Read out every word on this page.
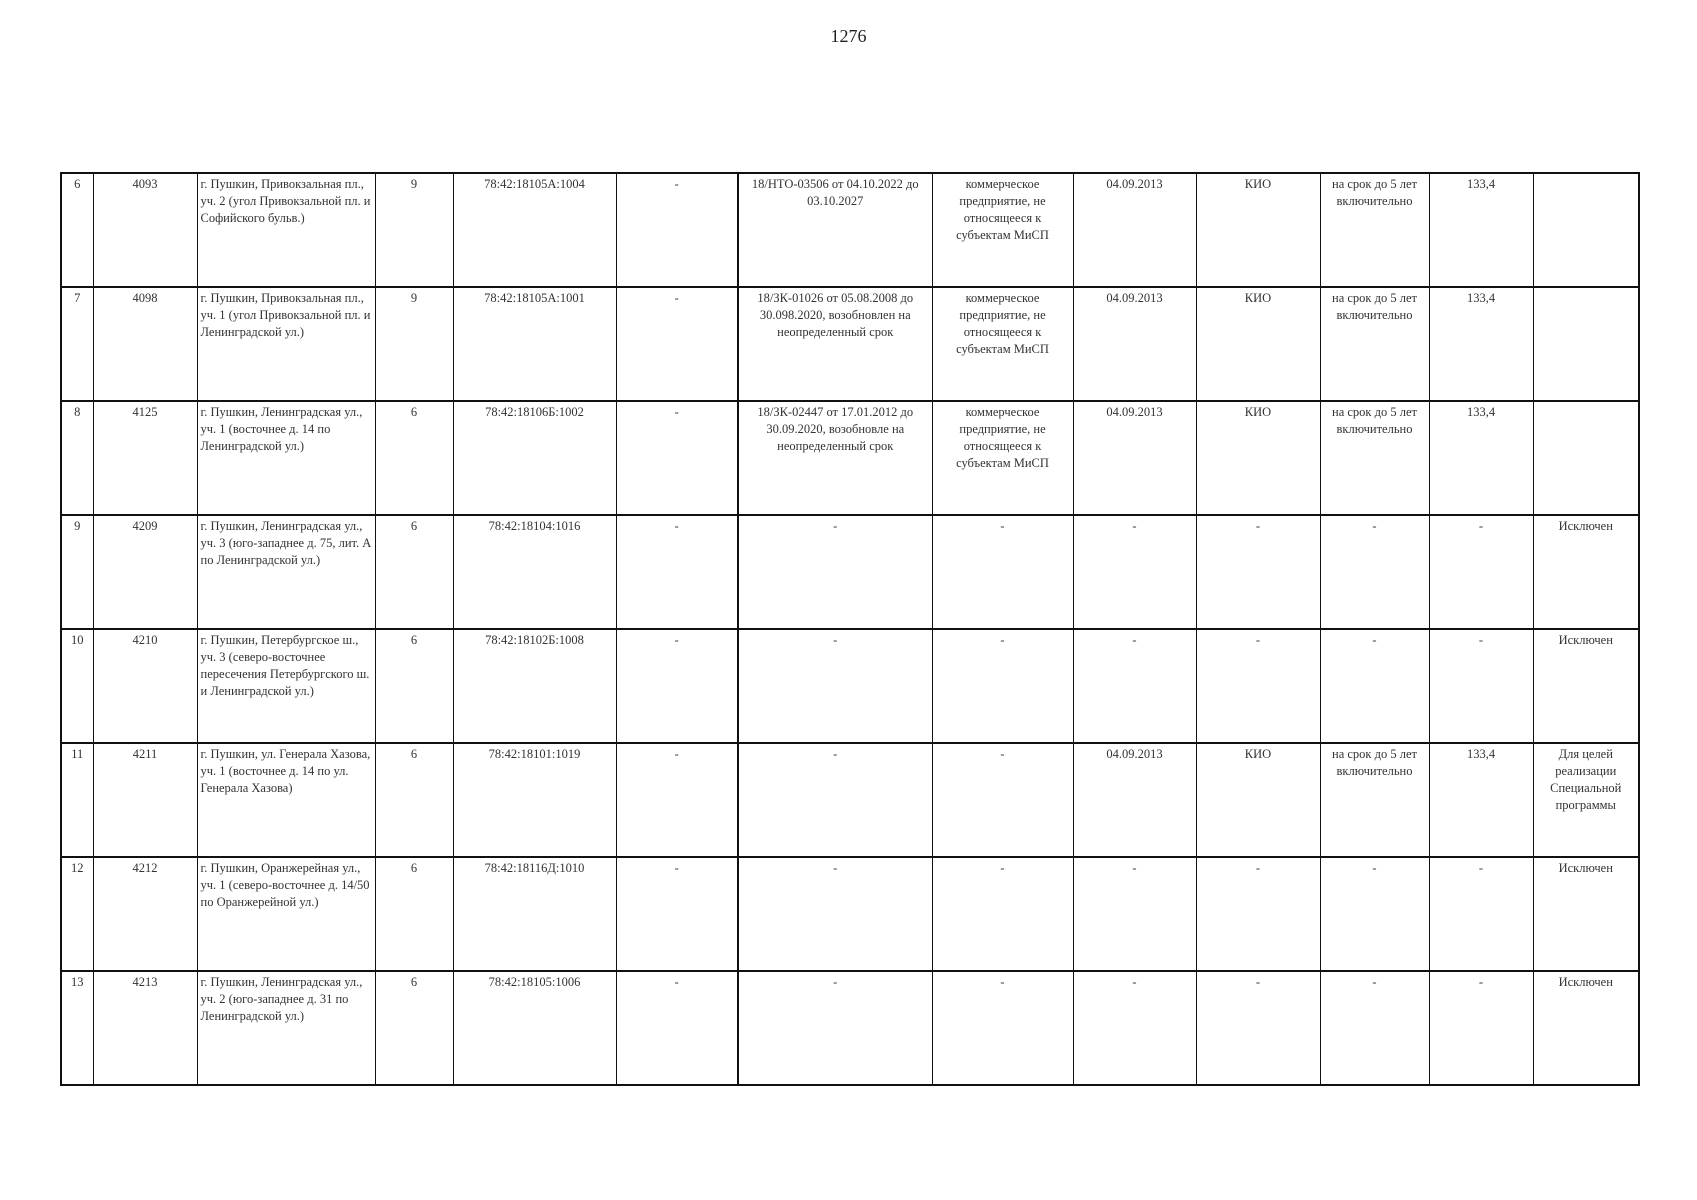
1276
6	4093	г. Пушкин, Привокзальная пл., уч. 2 (угол Привокзальной пл. и Софийского бульв.)	9	78:42:18105А:1004	-	18/НТО-03506 от 04.10.2022 до 03.10.2027	коммерческое предприятие, не относящееся к субъектам МиСП	04.09.2013	КИО	на срок до 5 лет включительно	133,4	
7	4098	г. Пушкин, Привокзальная пл., уч. 1 (угол Привокзальной пл. и Ленинградской ул.)	9	78:42:18105А:1001	-	18/ЗК-01026 от 05.08.2008 до 30.098.2020, возобновлен на неопределенный срок	коммерческое предприятие, не относящееся к субъектам МиСП	04.09.2013	КИО	на срок до 5 лет включительно	133,4	
8	4125	г. Пушкин, Ленинградская ул., уч. 1 (восточнее д. 14 по Ленинградской ул.)	6	78:42:18106Б:1002	-	18/ЗК-02447 от 17.01.2012 до 30.09.2020, возобновле на неопределенный срок	коммерческое предприятие, не относящееся к субъектам МиСП	04.09.2013	КИО	на срок до 5 лет включительно	133,4	
9	4209	г. Пушкин, Ленинградская ул., уч. 3 (юго-западнее д. 75, лит. А по Ленинградской ул.)	6	78:42:18104:1016	-	-	-	-	-	-	-	Исключен
10	4210	г. Пушкин, Петербургское ш., уч. 3 (северо-восточнее пересечения Петербургского ш. и Ленинградской ул.)	6	78:42:18102Б:1008	-	-	-	-	-	-	-	Исключен
11	4211	г. Пушкин, ул. Генерала Хазова, уч. 1 (восточнее д. 14 по ул. Генерала Хазова)	6	78:42:18101:1019	-	-	-	04.09.2013	КИО	на срок до 5 лет включительно	133,4	Для целей реализации Специальной программы
12	4212	г. Пушкин, Оранжерейная ул., уч. 1 (северо-восточнее д. 14/50 по Оранжерейной ул.)	6	78:42:18116Д:1010	-	-	-	-	-	-	-	Исключен
13	4213	г. Пушкин, Ленинградская ул., уч. 2 (юго-западнее д. 31 по Ленинградской ул.)	6	78:42:18105:1006	-	-	-	-	-	-	-	Исключен
